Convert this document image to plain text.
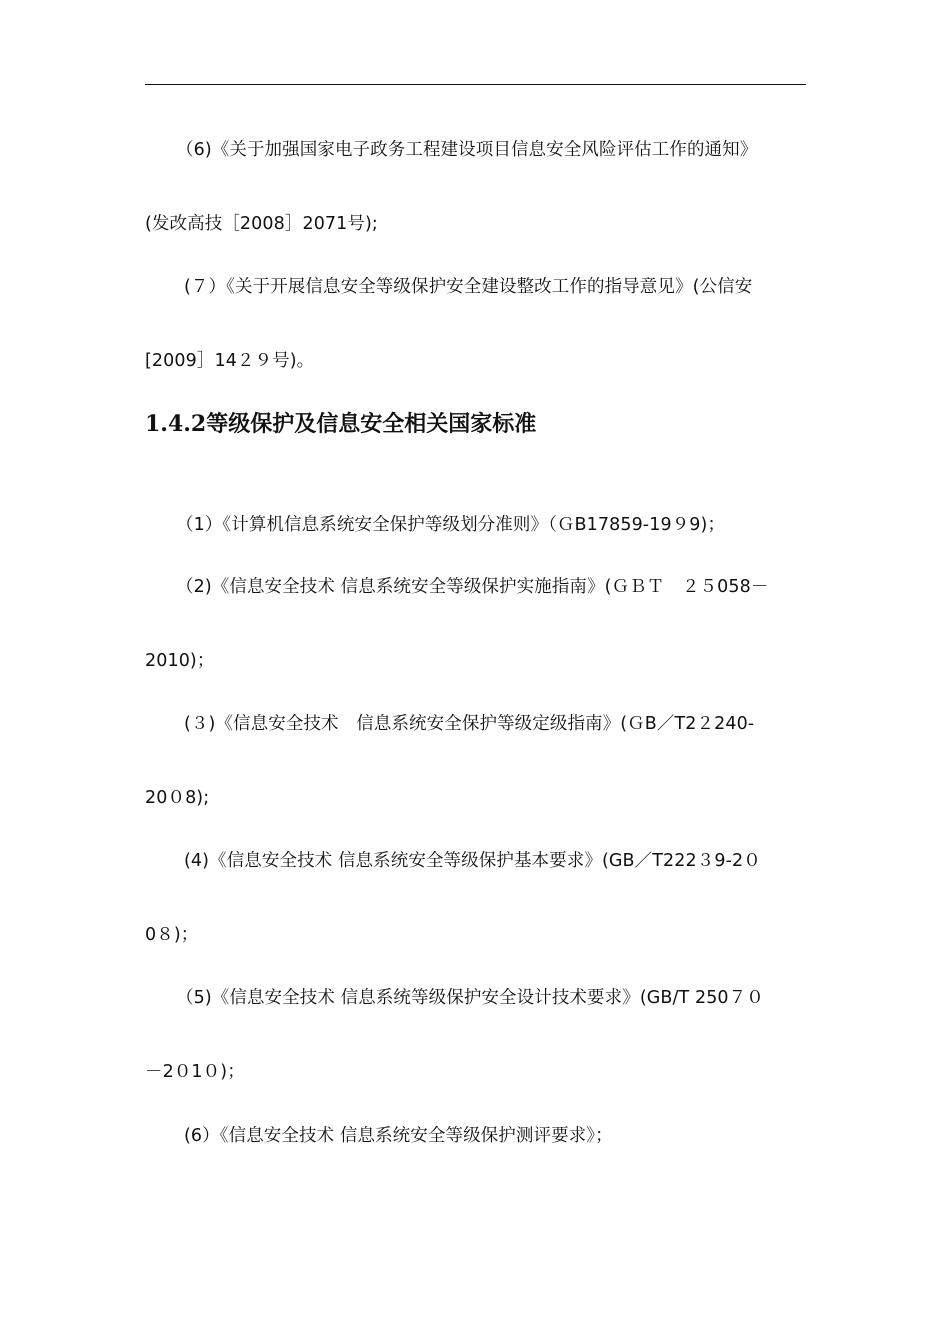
（6)《关于加强国家电子政务工程建设项目信息安全风险评估工作的通知》
(发改高技［2008］2071号);
(７）《关于开展信息安全等级保护安全建设整改工作的指导意见》(公信安
[2009］14２９号)。
1.4.2等级保护及信息安全相关国家标准
（1）《计算机信息系统安全保护等级划分准则》（ＧB17859-19９9)；
（2)《信息安全技术 信息系统安全等级保护实施指南》(ＧＢＴ　２５058－
2010)；
(３)《信息安全技术　信息系统安全保护等级定级指南》(ＧB／T2２240-
20０8);
(4)《信息安全技术 信息系统安全等级保护基本要求》(GB／T222３9-2０
0８)；
（5)《信息安全技术 信息系统等级保护安全设计技术要求》(GB/T 250７０
－2０1０)；
(6）《信息安全技术 信息系统安全等级保护测评要求》；
